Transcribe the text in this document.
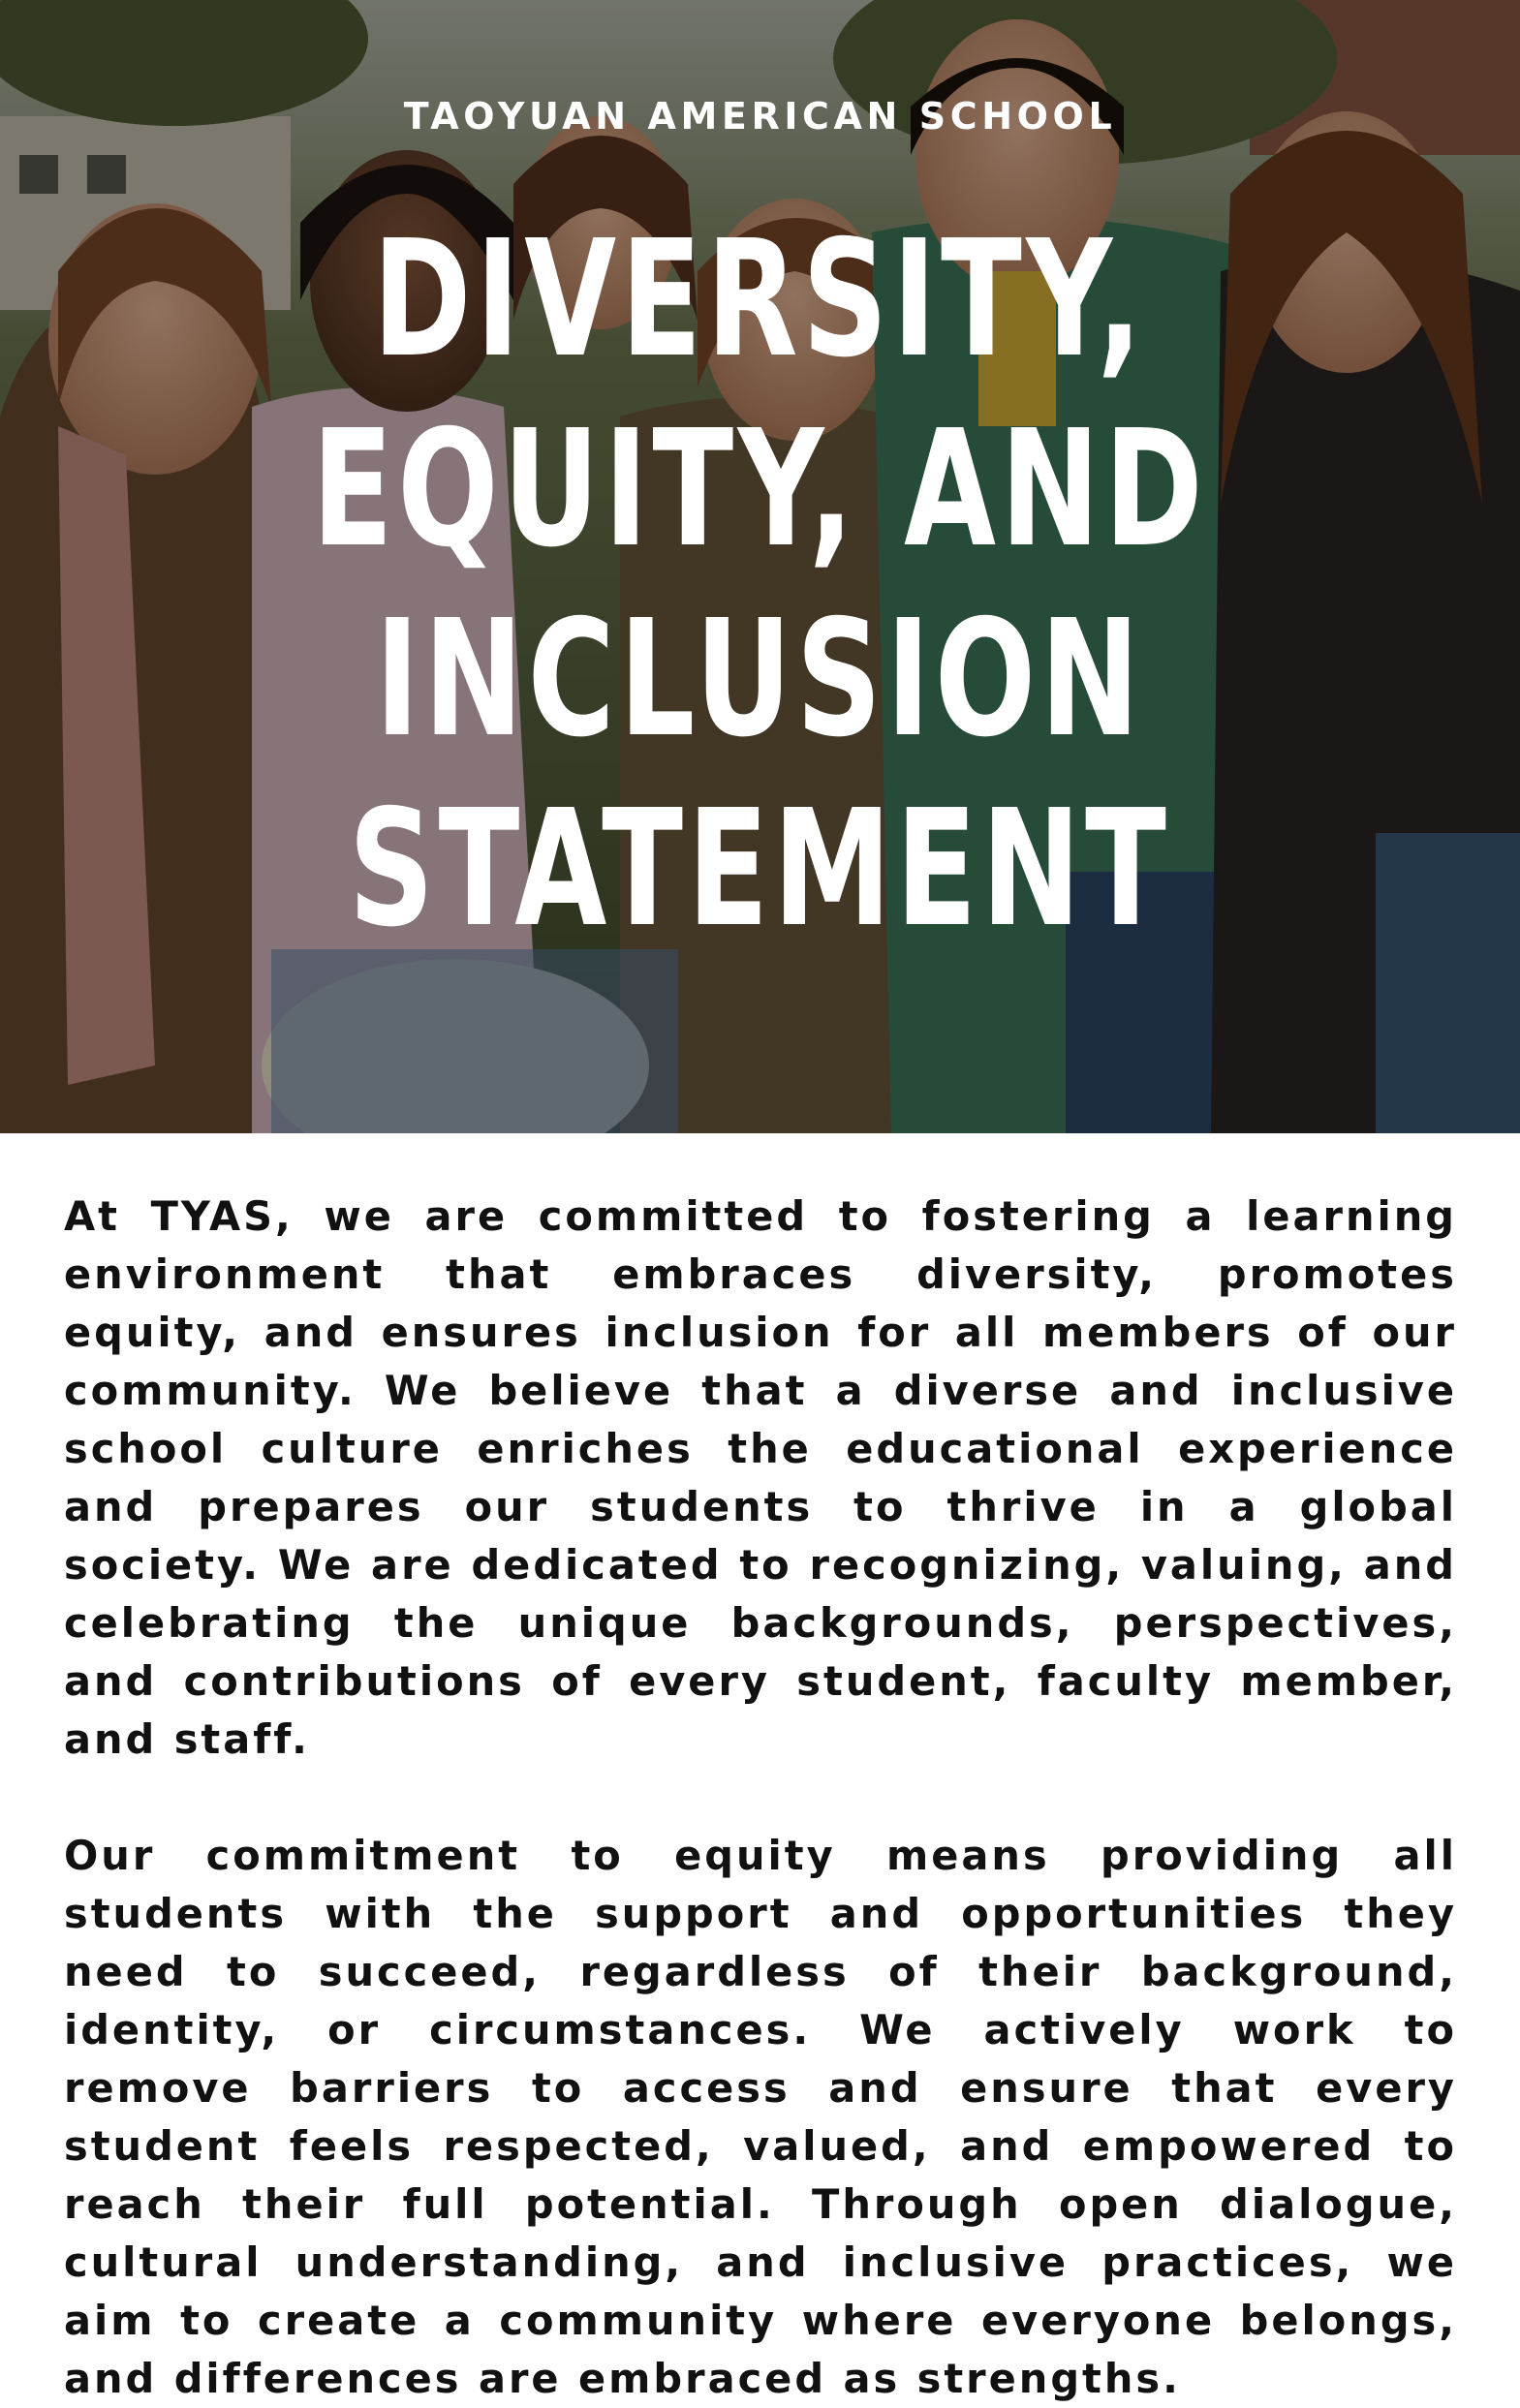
TAOYUAN AMERICAN SCHOOL
DIVERSITY,
EQUITY, AND
INCLUSION
STATEMENT

At TYAS, we are committed to fostering a learning environment that embraces diversity, promotes equity, and ensures inclusion for all members of our community. We believe that a diverse and inclusive school culture enriches the educational experience and prepares our students to thrive in a global society. We are dedicated to recognizing, valuing, and celebrating the unique backgrounds, perspectives, and contributions of every student, faculty member, and staff.

Our commitment to equity means providing all students with the support and opportunities they need to succeed, regardless of their background, identity, or circumstances. We actively work to remove barriers to access and ensure that every student feels respected, valued, and empowered to reach their full potential. Through open dialogue, cultural understanding, and inclusive practices, we aim to create a community where everyone belongs, and differences are embraced as strengths.
